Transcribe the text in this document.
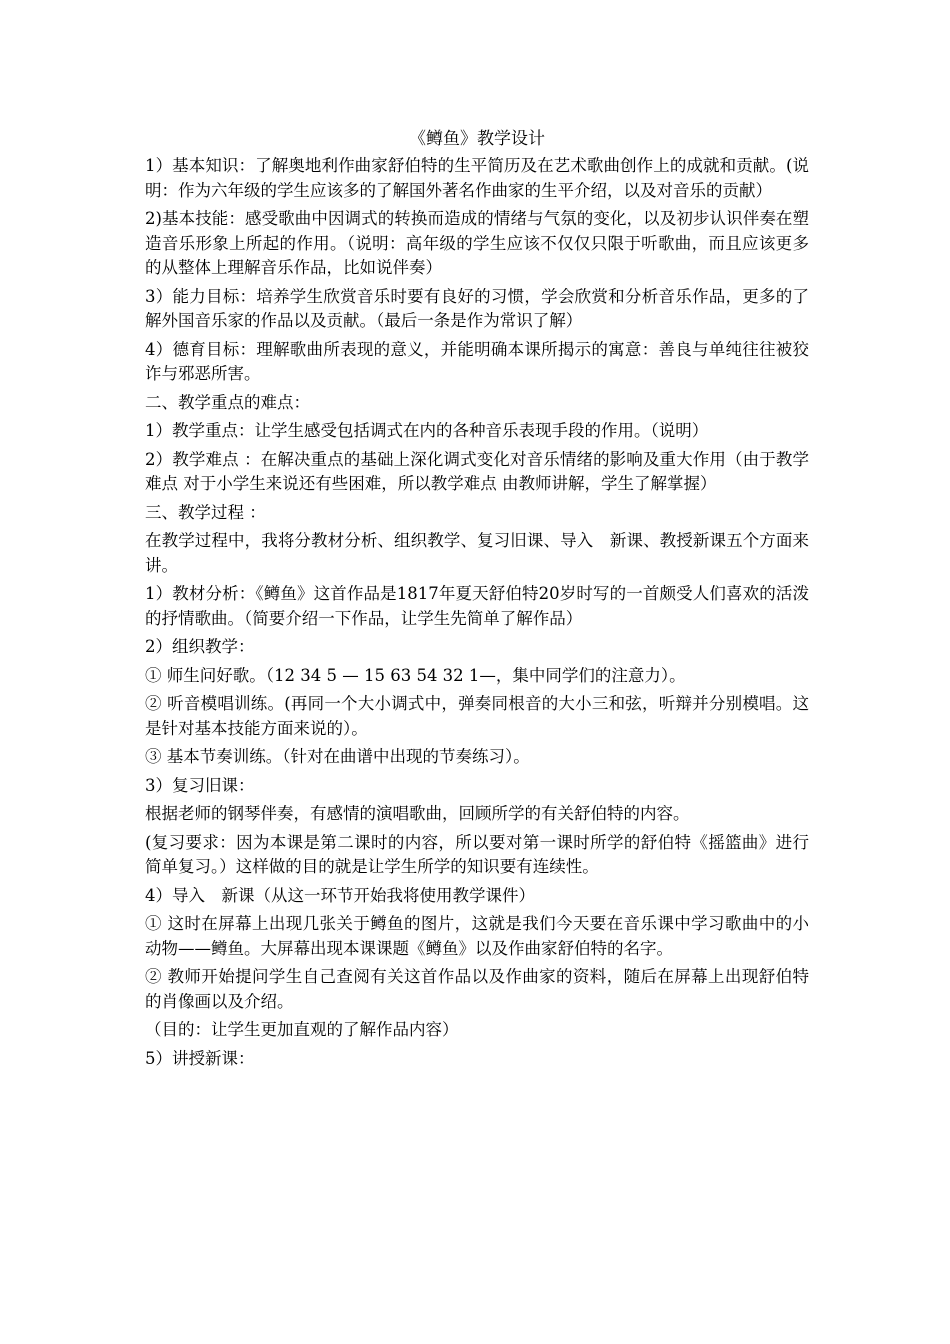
《鳟鱼》教学设计
1）基本知识：了解奥地利作曲家舒伯特的生平简历及在艺术歌曲创作上的成就和贡献。(说明：作为六年级的学生应该多的了解国外著名作曲家的生平介绍，以及对音乐的贡献）
2)基本技能：感受歌曲中因调式的转换而造成的情绪与气氛的变化，以及初步认识伴奏在塑造音乐形象上所起的作用。（说明：高年级的学生应该不仅仅只限于听歌曲，而且应该更多的从整体上理解音乐作品，比如说伴奏）
3）能力目标：培养学生欣赏音乐时要有良好的习惯，学会欣赏和分析音乐作品，更多的了解外国音乐家的作品以及贡献。（最后一条是作为常识了解）
4）德育目标：理解歌曲所表现的意义，并能明确本课所揭示的寓意：善良与单纯往往被狡诈与邪恶所害。
二、教学重点的难点：
1）教学重点：让学生感受包括调式在内的各种音乐表现手段的作用。（说明）
2）教学难点 ：在解决重点的基础上深化调式变化对音乐情绪的影响及重大作用（由于教学难点 对于小学生来说还有些困难，所以教学难点 由教师讲解，学生了解掌握）
三、教学过程 ：
在教学过程中，我将分教材分析、组织教学、复习旧课、导入　新课、教授新课五个方面来讲。
1）教材分析：《鳟鱼》这首作品是1817年夏天舒伯特20岁时写的一首颇受人们喜欢的活泼的抒情歌曲。（简要介绍一下作品，让学生先简单了解作品）
2）组织教学：
① 师生问好歌。（12 34 5 — 15 63 54 32 1—，集中同学们的注意力）。
② 听音模唱训练。(再同一个大小调式中，弹奏同根音的大小三和弦，听辩并分别模唱。这是针对基本技能方面来说的）。
③ 基本节奏训练。（针对在曲谱中出现的节奏练习）。
3）复习旧课：
根据老师的钢琴伴奏，有感情的演唱歌曲，回顾所学的有关舒伯特的内容。
(复习要求：因为本课是第二课时的内容，所以要对第一课时所学的舒伯特《摇篮曲》进行简单复习。）这样做的目的就是让学生所学的知识要有连续性。
4）导入　新课（从这一环节开始我将使用教学课件）
① 这时在屏幕上出现几张关于鳟鱼的图片，这就是我们今天要在音乐课中学习歌曲中的小动物——鳟鱼。大屏幕出现本课课题《鳟鱼》以及作曲家舒伯特的名字。
② 教师开始提问学生自己查阅有关这首作品以及作曲家的资料，随后在屏幕上出现舒伯特的肖像画以及介绍。
（目的：让学生更加直观的了解作品内容）
5）讲授新课：
